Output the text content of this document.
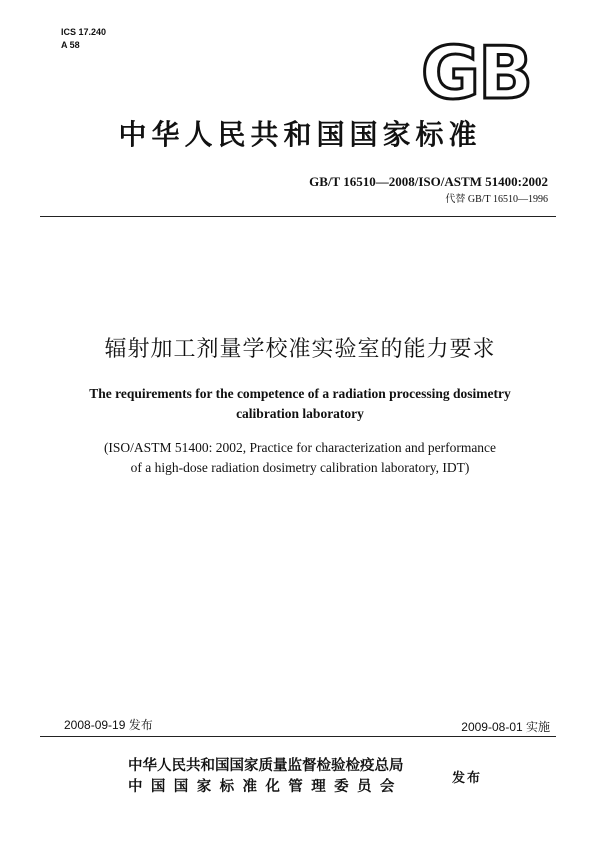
ICS 17.240
A 58	GB
中华人民共和国国家标准
GB/T 16510—2008/ISO/ASTM 51400:2002
代替 GB/T 16510—1996
辐射加工剂量学校准实验室的能力要求
The requirements for the competence of a radiation processing dosimetry
calibration laboratory
(ISO/ASTM 51400: 2002, Practice for characterization and performance
of a high-dose radiation dosimetry calibration laboratory, IDT)
2008-09-19 发布	2009-08-01 实施
中华人民共和国国家质量监督检验检疫总局
中国国家标准化管理委员会
发布
